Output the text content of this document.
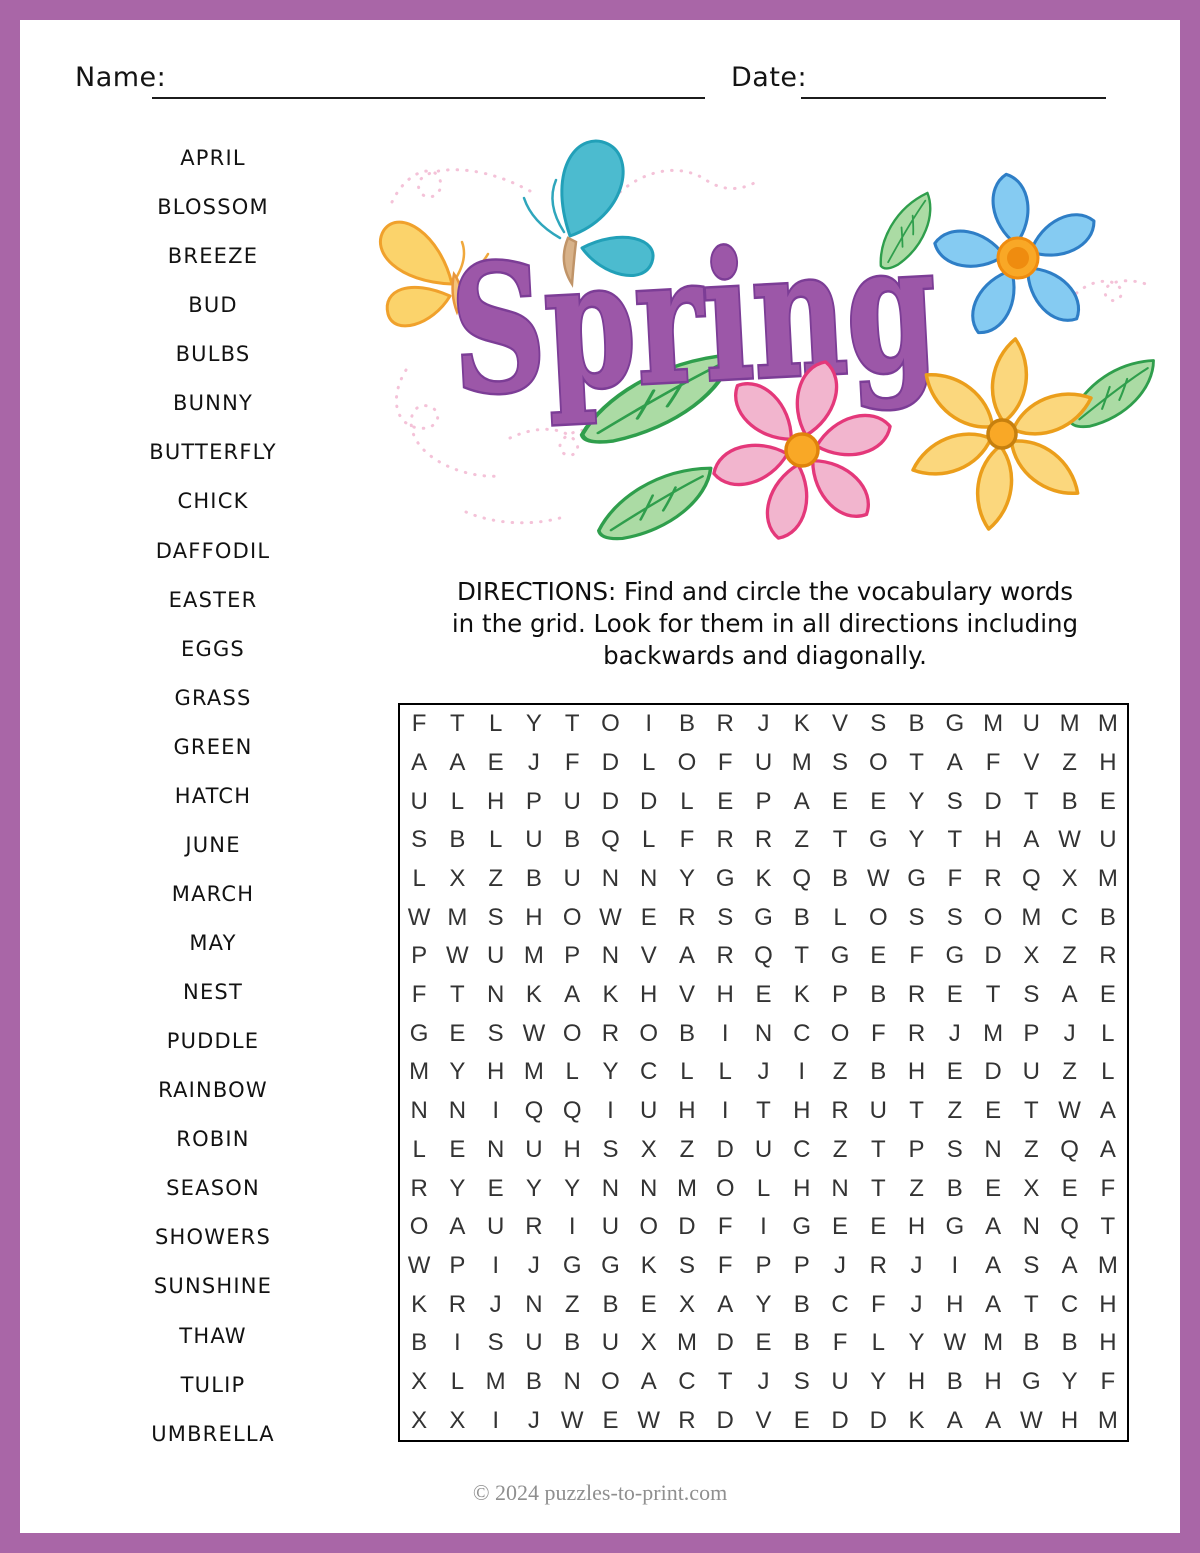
Name:	Date:
APRIL
BLOSSOM
BREEZE
BUD
BULBS
BUNNY
BUTTERFLY
CHICK
DAFFODIL
EASTER
EGGS
GRASS
GREEN
HATCH
JUNE
MARCH
MAY
NEST
PUDDLE
RAINBOW
ROBIN
SEASON
SHOWERS
SUNSHINE
THAW
TULIP
UMBRELLA
Spring
DIRECTIONS: Find and circle the vocabulary words
in the grid. Look for them in all directions including
backwards and diagonally.
F T	L Y T O	I	B R J	K V S B G M U M M
A A E	J	F D L O F U M S O T A F V Z H
U L H P U D D L E P A E E Y S D T B E
S B L U B Q L	F R R Z T G Y T H A W U
L X Z B U N N Y G K Q B W G F R Q X M
W M S H O W E R S G B L O S S O M C B
P W U M P N V A R Q T G E F G D X Z R
F T N K A K H V H E K P B R E T S A E
G E S W O R O B	I	N C O F R J M P	J	L
M Y H M L Y C L	L	J	I	Z B H E D U Z	L
N N	I	Q Q	I	U H	I	T H R U T Z E T W A
L E N U H S X Z D U C Z T P S N Z Q A
R Y E Y Y N N M O L H N T Z B E X E F
O A U R	I	U O D F	I	G E E H G A N Q T
W P	I	J G G K S F P P	J R J	I	A S A M
K R J N Z B E X A Y B C F	J H A T C H
B	I	S U B U X M D E B F	L Y W M B B H
X L M B N O A C T	J	S U Y H B H G Y F
X X	I	J W E W R D V E D D K A A W H M
© 2024 puzzles-to-print.com
